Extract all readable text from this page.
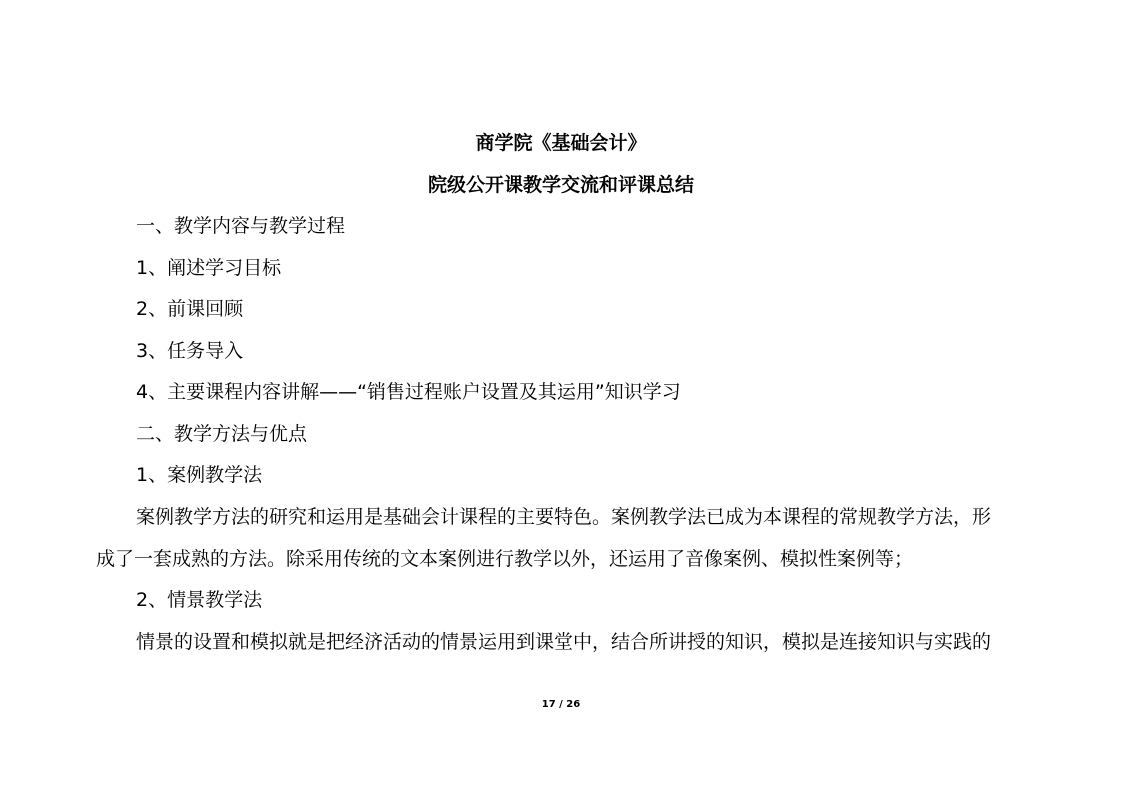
商学院《基础会计》
院级公开课教学交流和评课总结
一、教学内容与教学过程
1、阐述学习目标
2、前课回顾
3、任务导入
4、主要课程内容讲解——“销售过程账户设置及其运用”知识学习
二、教学方法与优点
1、案例教学法
案例教学方法的研究和运用是基础会计课程的主要特色。案例教学法已成为本课程的常规教学方法，形
成了一套成熟的方法。除采用传统的文本案例进行教学以外，还运用了音像案例、模拟性案例等；
2、情景教学法
情景的设置和模拟就是把经济活动的情景运用到课堂中，结合所讲授的知识，模拟是连接知识与实践的
17 / 26
